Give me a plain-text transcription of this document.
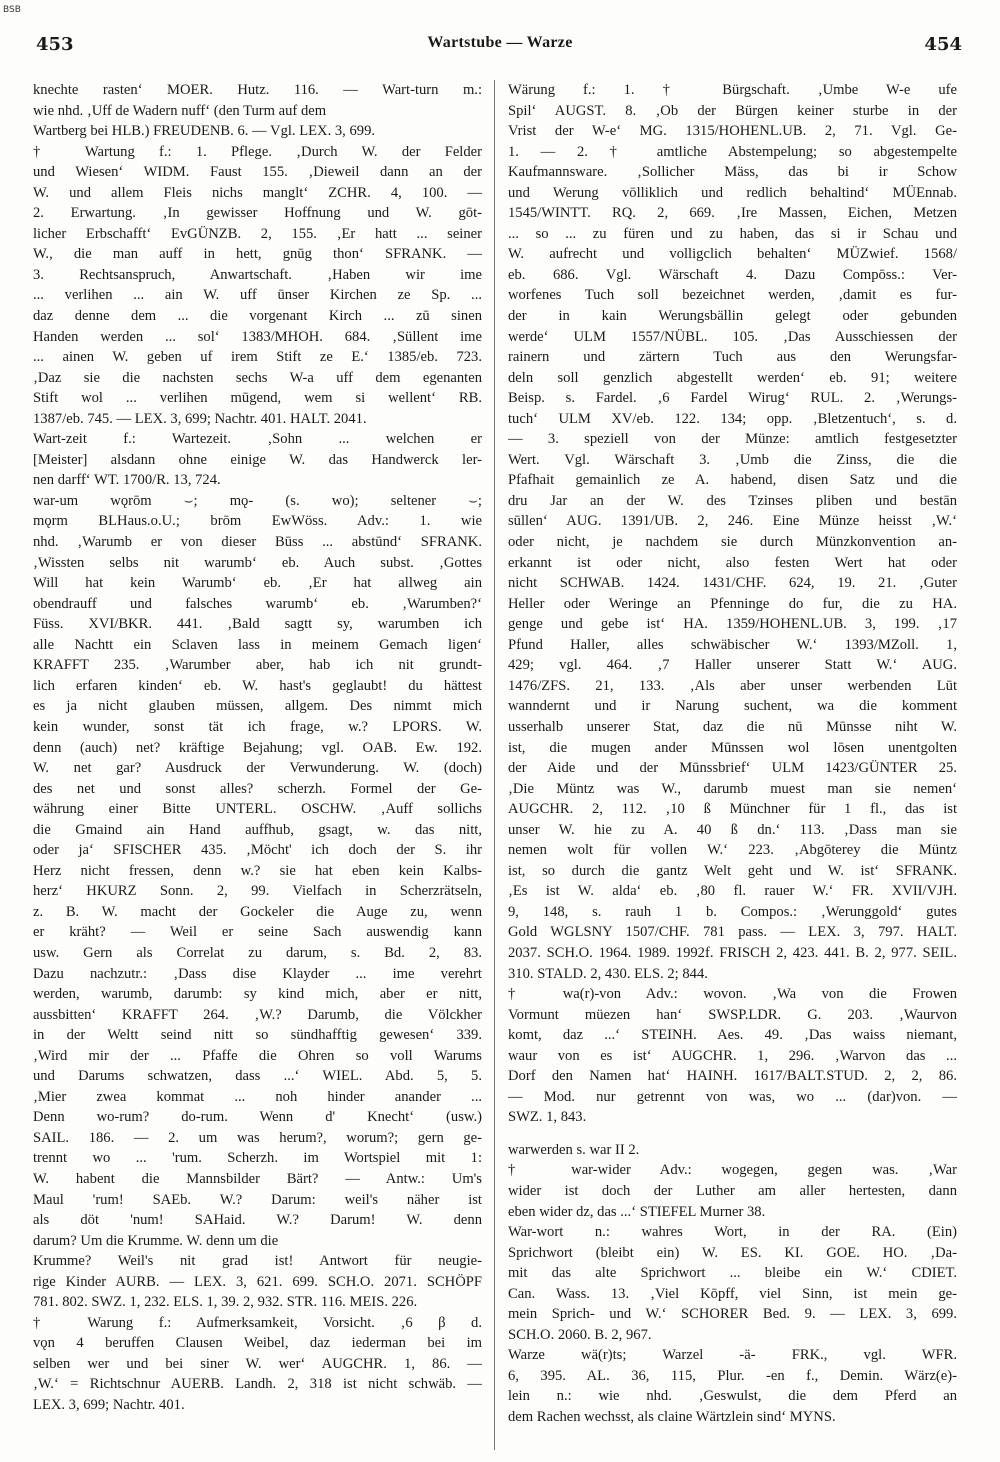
BSB
453	Wartstube — Warze	454
knechte rasten‘ MOER. Hutz. 116. — Wart-turn m.:
wie nhd. ‚Uff de Wadern nuff‘ (den Turm auf dem
Wartberg bei HLB.) FREUDENB. 6. — Vgl. LEX. 3, 699.
† Wartung f.: 1. Pflege. ‚Durch W. der Felder
und Wiesen‘ WIDM. Faust 155. ‚Dieweil dann an der
W. und allem Fleis nichs manglt‘ ZCHR. 4, 100. —
2. Erwartung. ‚In gewisser Hoffnung und W. gōt-
licher Erbschafft‘ EvGÜNZB. 2, 155. ‚Er hatt ... seiner
W., die man auff in hett, gnūg thon‘ SFRANK. —
3. Rechtsanspruch, Anwartschaft. ‚Haben wir ime
... verlihen ... ain W. uff ūnser Kirchen ze Sp. ...
daz denne dem ... die vorgenant Kirch ... zū sinen
Handen werden ... sol‘ 1383/MHOH. 684. ‚Süllent ime
... ainen W. geben uf irem Stift ze E.‘ 1385/eb. 723.
‚Daz sie die nachsten sechs W-a uff dem egenanten
Stift wol ... verlihen mūgend, wem si wellent‘ RB.
1387/eb. 745. — LEX. 3, 699; Nachtr. 401. HALT. 2041.
Wart-zeit f.: Wartezeit. ‚Sohn ... welchen er
[Meister] alsdann ohne einige W. das Handwerck ler-
nen darff‘ WT. 1700/R. 13, 724.
war-um wǫrōm ⌣; mǫ- (s. wo); seltener ⌣;
mǫrm BLHaus.o.U.; brōm EwWöss. Adv.: 1. wie
nhd. ‚Warumb er von dieser Būss ... abstūnd‘ SFRANK.
‚Wissten selbs nit warumb‘ eb. Auch subst. ‚Gottes
Will hat kein Warumb‘ eb. ‚Er hat allweg ain
obendrauff und falsches warumb‘ eb. ‚Warumben?‘
Füss. XVI/BKR. 441. ‚Bald sagtt sy, warumben ich
alle Nachtt ein Sclaven lass in meinem Gemach ligen‘
KRAFFT 235. ‚Warumber aber, hab ich nit grundt-
lich erfaren kinden‘ eb. W. hast's geglaubt! du hättest
es ja nicht glauben müssen, allgem. Des nimmt mich
kein wunder, sonst tät ich frage, w.? LPORS. W.
denn (auch) net? kräftige Bejahung; vgl. OAB. Ew. 192.
W. net gar? Ausdruck der Verwunderung. W. (doch)
des net und sonst alles? scherzh. Formel der Ge-
währung einer Bitte UNTERL. OSCHW. ‚Auff sollichs
die Gmaind ain Hand auffhub, gsagt, w. das nitt,
oder ja‘ SFISCHER 435. ‚Möcht' ich doch der S. ihr
Herz nicht fressen, denn w.? sie hat eben kein Kalbs-
herz‘ HKURZ Sonn. 2, 99. Vielfach in Scherzrätseln,
z. B. W. macht der Gockeler die Auge zu, wenn
er kräht? — Weil er seine Sach auswendig kann
usw. Gern als Correlat zu darum, s. Bd. 2, 83.
Dazu nachzutr.: ‚Dass dise Klayder ... ime verehrt
werden, warumb, darumb: sy kind mich, aber er nitt,
aussbitten‘ KRAFFT 264. ‚W.? Darumb, die Völckher
in der Weltt seind nitt so sündhafftig gewesen‘ 339.
‚Wird mir der ... Pfaffe die Ohren so voll Warums
und Darums schwatzen, dass ...‘ WIEL. Abd. 5, 5.
‚Mier zwea kommat ... noh hinder anander ...
Denn wo-rum? do-rum. Wenn d' Knecht‘ (usw.)
SAIL. 186. — 2. um was herum?, worum?; gern ge-
trennt wo ... 'rum. Scherzh. im Wortspiel mit 1:
W. habent die Mannsbilder Bärt? — Antw.: Um's
Maul 'rum! SAEb. W.? Darum: weil's näher ist
als döt 'num! SAHaid. W.? Darum! W. denn
darum? Um die Krumme. W. denn um die
Krumme? Weil's nit grad ist! Antwort für neugie-
rige Kinder AURB. — LEX. 3, 621. 699. SCH.O. 2071. SCHÖPF
781. 802. SWZ. 1, 232. ELS. 1, 39. 2, 932. STR. 116. MEIS. 226.
† Warung f.: Aufmerksamkeit, Vorsicht. ‚6 β d.
vǫn 4 beruffen Clausen Weibel, daz iederman bei im
selben wer und bei siner W. wer‘ AUGCHR. 1, 86. —
‚W.‘ = Richtschnur AUERB. Landh. 2, 318 ist nicht schwäb. —
LEX. 3, 699; Nachtr. 401.
Wärung f.: 1. † Bürgschaft. ‚Umbe W-e ufe
Spil‘ AUGST. 8. ‚Ob der Bürgen keiner sturbe in der
Vrist der W-e‘ MG. 1315/HOHENL.UB. 2, 71. Vgl. Ge-
1. — 2. † amtliche Abstempelung; so abgestempelte
Kaufmannsware. ‚Sollicher Mäss, das bi ir Schow
und Werung vōlliklich und redlich behaltind‘ MÜEnnab.
1545/WINTT. RQ. 2, 669. ‚Ire Massen, Eichen, Metzen
... so ... zu füren und zu haben, das si ir Schau und
W. aufrecht und volligclich behalten‘ MÜZwief. 1568/
eb. 686. Vgl. Wärschaft 4. Dazu Compōss.: Ver-
worfenes Tuch soll bezeichnet werden, ‚damit es fur-
der in kain Werungsbällin gelegt oder gebunden
werde‘ ULM 1557/NÜBL. 105. ‚Das Ausschiessen der
rainern und zärtern Tuch aus den Werungsfar-
deln soll genzlich abgestellt werden‘ eb. 91; weitere
Beisp. s. Fardel. ‚6 Fardel Wirug‘ RUL. 2. ‚Werungs-
tuch‘ ULM XV/eb. 122. 134; opp. ‚Bletzentuch‘, s. d.
— 3. speziell von der Münze: amtlich festgesetzter
Wert. Vgl. Wärschaft 3. ‚Umb die Zinss, die die
Pfafhait gemainlich ze A. habend, disen Satz und die
dru Jar an der W. des Tzinses pliben und bestān
sūllen‘ AUG. 1391/UB. 2, 246. Eine Münze heisst ‚W.‘
oder nicht, je nachdem sie durch Münzkonvention an-
erkannt ist oder nicht, also festen Wert hat oder
nicht SCHWAB. 1424. 1431/CHF. 624, 19. 21. ‚Guter
Heller oder Weringe an Pfenninge do fur, die zu HA.
genge und gebe ist‘ HA. 1359/HOHENL.UB. 3, 199. ‚17
Pfund Haller, alles schwäbischer W.‘ 1393/MZoll. 1,
429; vgl. 464. ‚7 Haller unserer Statt W.‘ AUG.
1476/ZFS. 21, 133. ‚Als aber unser werbenden Lūt
wanndernt und ir Narung suchent, wa die komment
usserhalb unserer Stat, daz die nū Mūnsse niht W.
ist, die mugen ander Mūnssen wol lōsen unentgolten
der Aide und der Mūnssbrief‘ ULM 1423/GÜNTER 25.
‚Die Müntz was W., darumb muest man sie nemen‘
AUGCHR. 2, 112. ‚10 ß Münchner für 1 fl., das ist
unser W. hie zu A. 40 ß dn.‘ 113. ‚Dass man sie
nemen wolt für vollen W.‘ 223. ‚Abgōterey die Müntz
ist, so durch die gantz Welt geht und W. ist‘ SFRANK.
‚Es ist W. alda‘ eb. ‚80 fl. rauer W.‘ FR. XVII/VJH.
9, 148, s. rauh 1 b. Compos.: ‚Werunggold‘ gutes
Gold WGLSNY 1507/CHF. 781 pass. — LEX. 3, 797. HALT.
2037. SCH.O. 1964. 1989. 1992f. FRISCH 2, 423. 441. B. 2, 977. SEIL.
310. STALD. 2, 430. ELS. 2; 844.
† wa(r)-von Adv.: wovon. ‚Wa von die Frowen
Vormunt müezen han‘ SWSP.LDR. G. 203. ‚Waurvon
komt, daz ...‘ STEINH. Aes. 49. ‚Das waiss niemant,
waur von es ist‘ AUGCHR. 1, 296. ‚Warvon das ...
Dorf den Namen hat‘ HAINH. 1617/BALT.STUD. 2, 2, 86.
— Mod. nur getrennt von was, wo ... (dar)von. —
SWZ. 1, 843.
warwerden s. war II 2.
† war-wider Adv.: wogegen, gegen was. ‚War
wider ist doch der Luther am aller hertesten, dann
eben wider dz, das ...‘ STIEFEL Murner 38.
War-wort n.: wahres Wort, in der RA. (Ein)
Sprichwort (bleibt ein) W. ES. KI. GOE. HO. ‚Da-
mit das alte Sprichwort ... bleibe ein W.‘ CDIET.
Can. Wass. 13. ‚Viel Kōpff, viel Sinn, ist mein ge-
mein Sprich- und W.‘ SCHORER Bed. 9. — LEX. 3, 699.
SCH.O. 2060. B. 2, 967.
Warze wä(r)ts; Warzel -ä- FRK., vgl. WFR.
6, 395. AL. 36, 115, Plur. -en f., Demin. Wärz(e)-
lein n.: wie nhd. ‚Geswulst, die dem Pferd an
dem Rachen wechsst, als claine Wärtzlein sind‘ MYNS.
